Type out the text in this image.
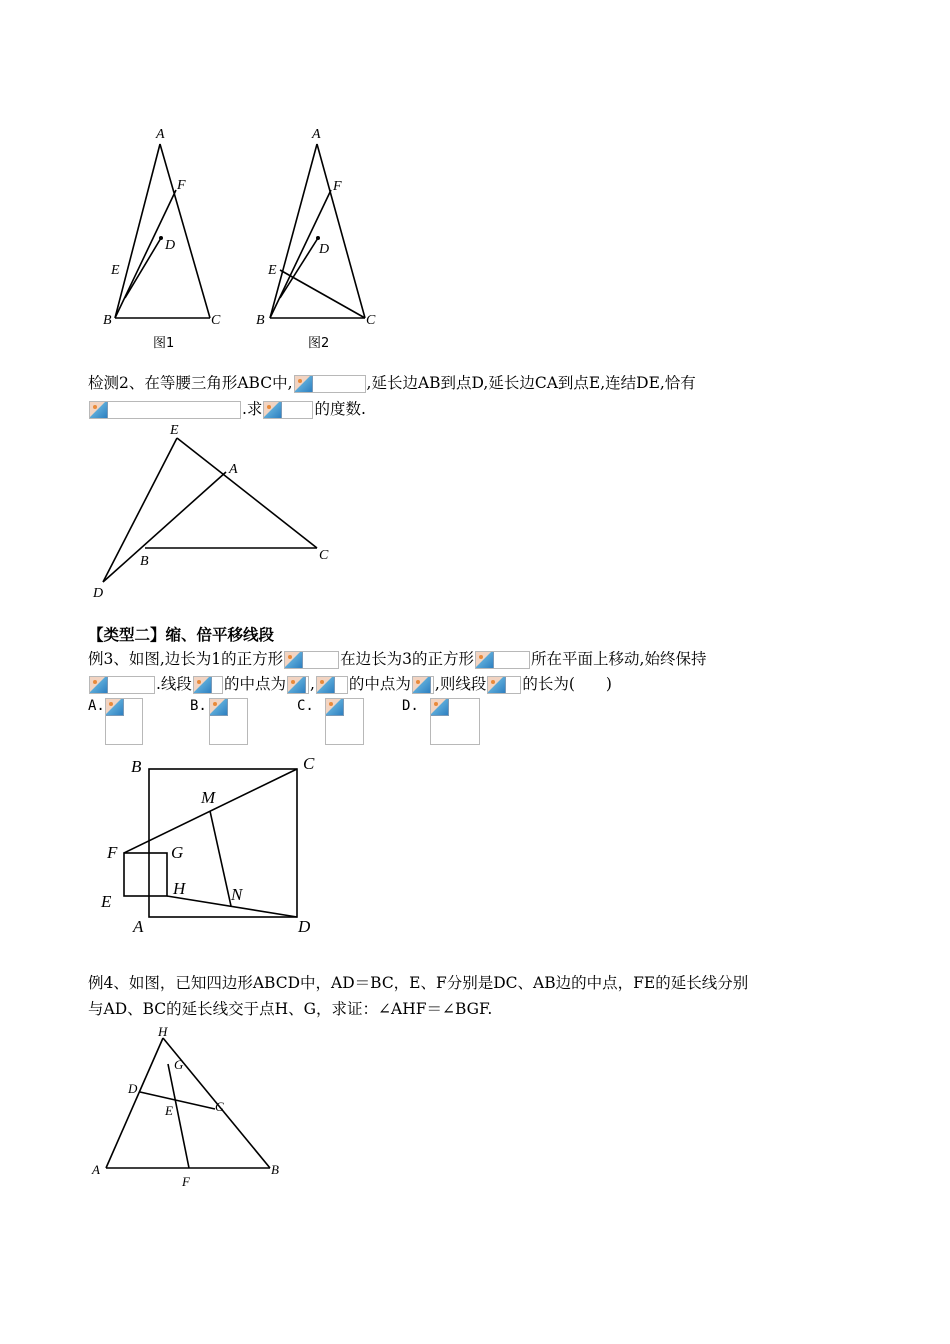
A
F
D
E
B	C
图1
A
F
D
E
B	C
图2
检测2、在等腰三角形ABC中,	,延长边AB到点D,延长边CA到点E,连结DE,恰有
.求	的度数.
E
A
B	C
D
【类型二】缩、倍平移线段
例3、如图,边长为1的正方形	在边长为3的正方形	所在平面上移动,始终保持
.线段 的中点为 , 的中点为 ,则线段 的长为(　　)
A.	B.	C.	D.
B	C
M
F	G
H	N
E
A	D
例4、如图，已知四边形ABCD中，AD＝BC，E、F分别是DC、AB边的中点，FE的延长线分别
与AD、BC的延长线交于点H、G，求证：∠AHF＝∠BGF.
H
G
D
E	C
A
F
B
